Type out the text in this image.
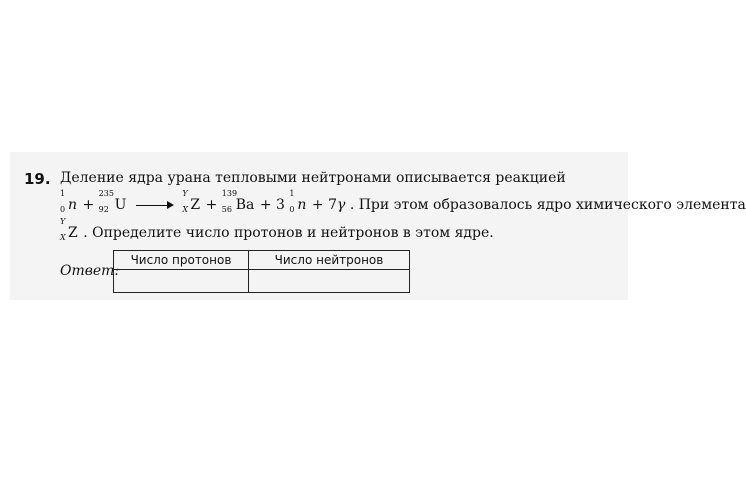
19. Деление ядра урана тепловыми нейтронами описывается реакцией
1
0 n +
235
92 U
Y
X Z +
139
56 Ba + 3
1
0 n + 7γ . При этом образовалось ядро химического элемента
Y
X Z . Определите число протонов и нейтронов в этом ядре.
Ответ:
Число протонов	Число нейтронов
